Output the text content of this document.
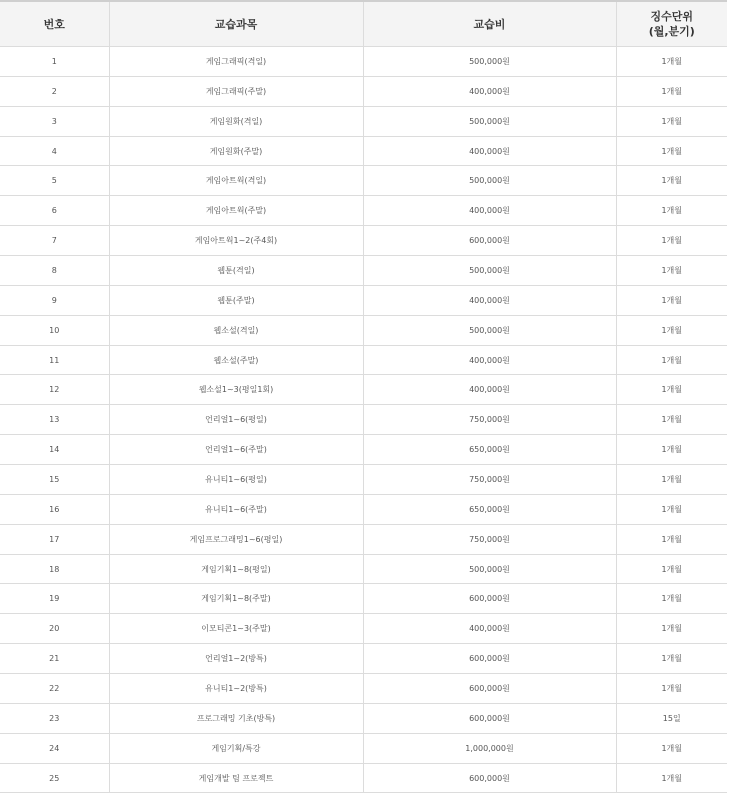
번호	교습과목	교습비	징수단위
(월,분기)

1	게임그래픽(격일)	500,000원	1개월
2	게임그래픽(주말)	400,000원	1개월
3	게임원화(격일)	500,000원	1개월
4	게임원화(주말)	400,000원	1개월
5	게임아트웍(격일)	500,000원	1개월
6	게임아트웍(주말)	400,000원	1개월
7	게임아트웍1~2(주4회)	600,000원	1개월
8	웹툰(격일)	500,000원	1개월
9	웹툰(주말)	400,000원	1개월
10	웹소설(격일)	500,000원	1개월
11	웹소설(주말)	400,000원	1개월
12	웹소설1~3(평일1회)	400,000원	1개월
13	언리얼1~6(평일)	750,000원	1개월
14	언리얼1~6(주말)	650,000원	1개월
15	유니티1~6(평일)	750,000원	1개월
16	유니티1~6(주말)	650,000원	1개월
17	게임프로그래밍1~6(평일)	750,000원	1개월
18	게임기획1~8(평일)	500,000원	1개월
19	게임기획1~8(주말)	600,000원	1개월
20	이모티콘1~3(주말)	400,000원	1개월
21	언리얼1~2(방특)	600,000원	1개월
22	유니티1~2(방특)	600,000원	1개월
23	프로그래밍 기초(방특)	600,000원	15일
24	게임기획/특강	1,000,000원	1개월
25	게임개발 팀 프로젝트	600,000원	1개월
